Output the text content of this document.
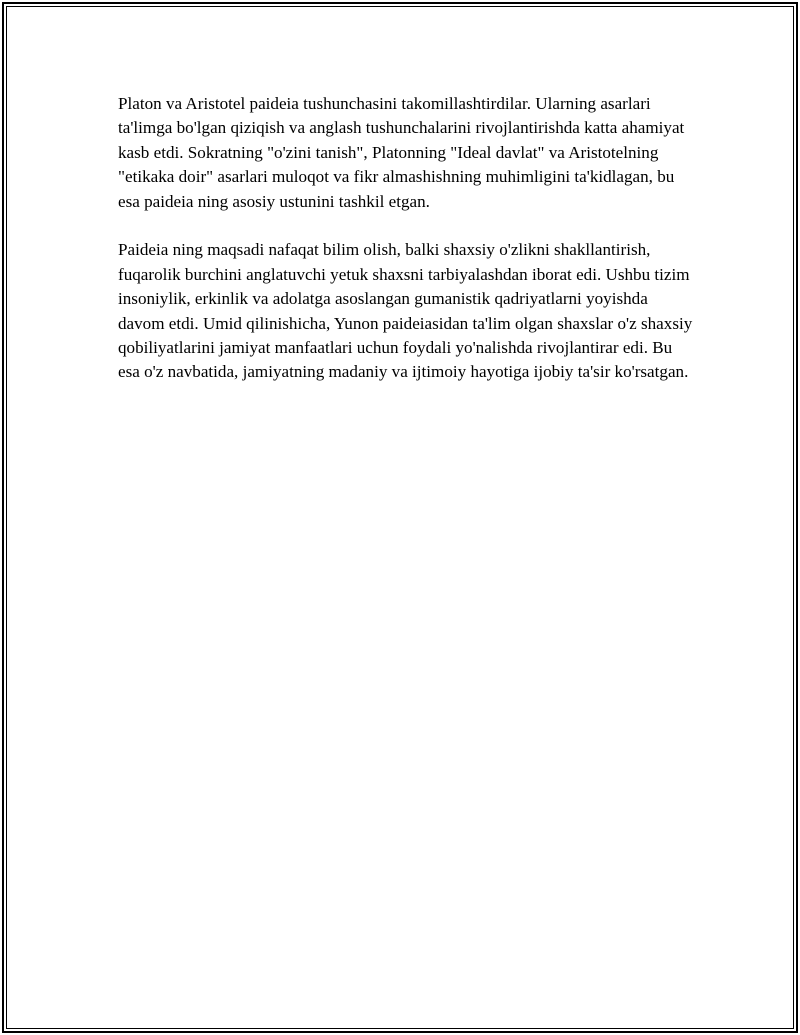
Platon va Aristotel paideia tushunchasini takomillashtirdilar. Ularning asarlari ta'limga bo'lgan qiziqish va anglash tushunchalarini rivojlantirishda katta ahamiyat kasb etdi. Sokratning "o'zini tanish", Platonning "Ideal davlat" va Aristotelning "etikaka doir" asarlari muloqot va fikr almashishning muhimligini ta'kidlagan, bu esa paideia ning asosiy ustunini tashkil etgan.

Paideia ning maqsadi nafaqat bilim olish, balki shaxsiy o'zlikni shakllantirish, fuqarolik burchini anglatuvchi yetuk shaxsni tarbiyalashdan iborat edi. Ushbu tizim insoniylik, erkinlik va adolatga asoslangan gumanistik qadriyatlarni yoyishda davom etdi. Umid qilinishicha, Yunon paideiasidan ta'lim olgan shaxslar o'z shaxsiy qobiliyatlarini jamiyat manfaatlari uchun foydali yo'nalishda rivojlantirar edi. Bu esa o'z navbatida, jamiyatning madaniy va ijtimoiy hayotiga ijobiy ta'sir ko'rsatgan.
